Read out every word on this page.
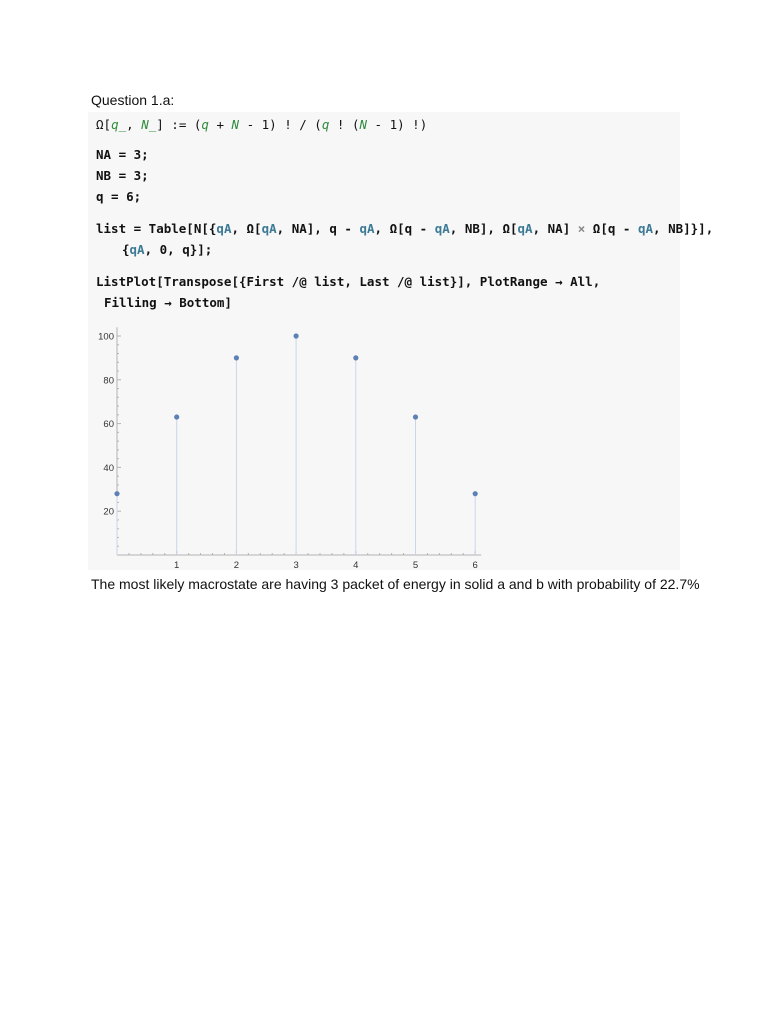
Question 1.a:
Ω[q_, N_] := (q + N - 1) ! / (q ! (N - 1) !)
NA = 3;
NB = 3;
q = 6;
list = Table[N[{qA, Ω[qA, NA], q - qA, Ω[q - qA, NB], Ω[qA, NA] × Ω[q - qA, NB]}],
{qA, 0, q}];
ListPlot[Transpose[{First /@ list, Last /@ list}], PlotRange → All,
Filling → Bottom]
1	2	3	4	5	6
20
40
60
80
100
The most likely macrostate are having 3 packet of energy in solid a and b with probability of 22.7%
